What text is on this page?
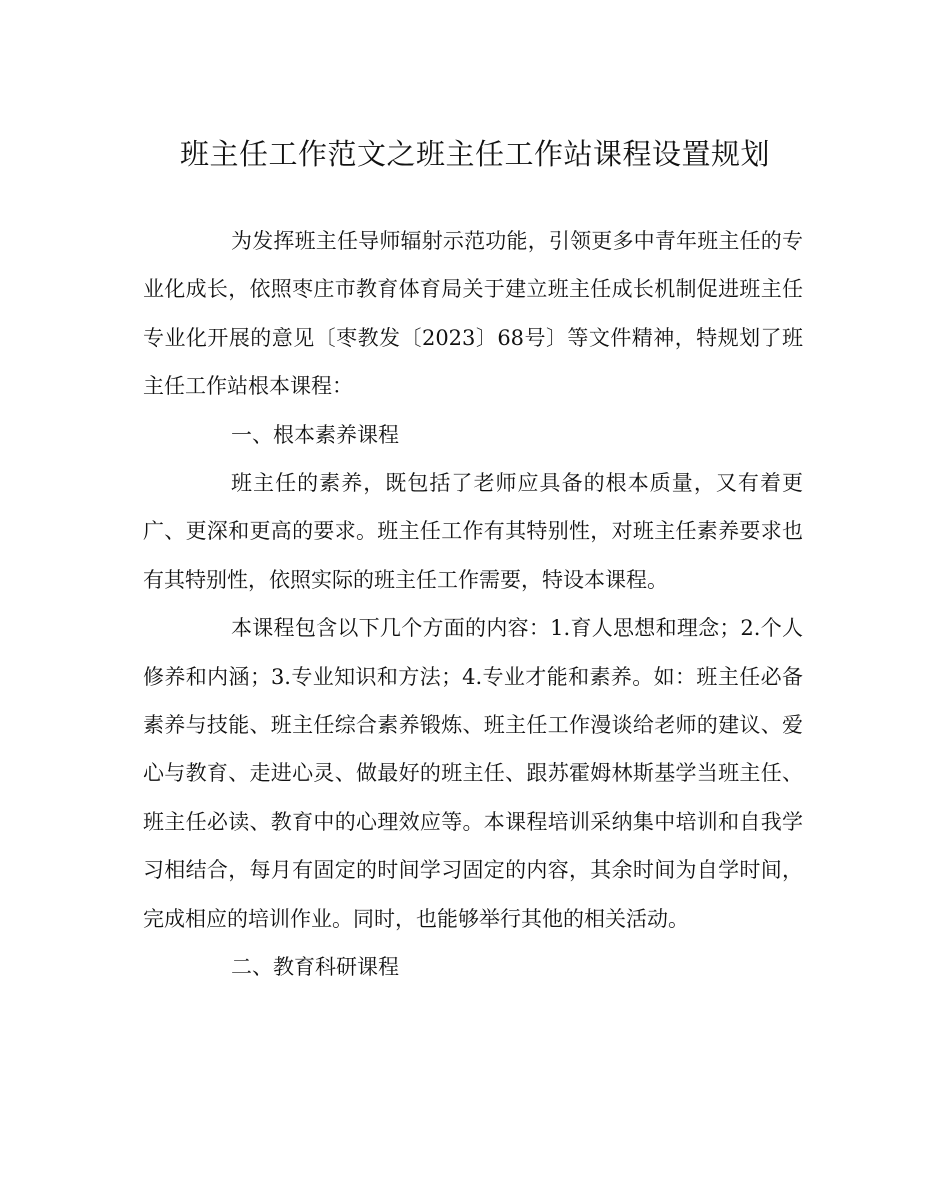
班主任工作范文之班主任工作站课程设置规划

为发挥班主任导师辐射示范功能，引领更多中青年班主任的专业化成长，依照枣庄市教育体育局关于建立班主任成长机制促进班主任专业化开展的意见〔枣教发〔2023〕68号〕等文件精神，特规划了班主任工作站根本课程：

一、根本素养课程

班主任的素养，既包括了老师应具备的根本质量，又有着更广、更深和更高的要求。班主任工作有其特别性，对班主任素养要求也有其特别性，依照实际的班主任工作需要，特设本课程。

本课程包含以下几个方面的内容：1.育人思想和理念；2.个人修养和内涵；3.专业知识和方法；4.专业才能和素养。如：班主任必备素养与技能、班主任综合素养锻炼、班主任工作漫谈给老师的建议、爱心与教育、走进心灵、做最好的班主任、跟苏霍姆林斯基学当班主任、班主任必读、教育中的心理效应等。本课程培训采纳集中培训和自我学习相结合，每月有固定的时间学习固定的内容，其余时间为自学时间，完成相应的培训作业。同时，也能够举行其他的相关活动。

二、教育科研课程
